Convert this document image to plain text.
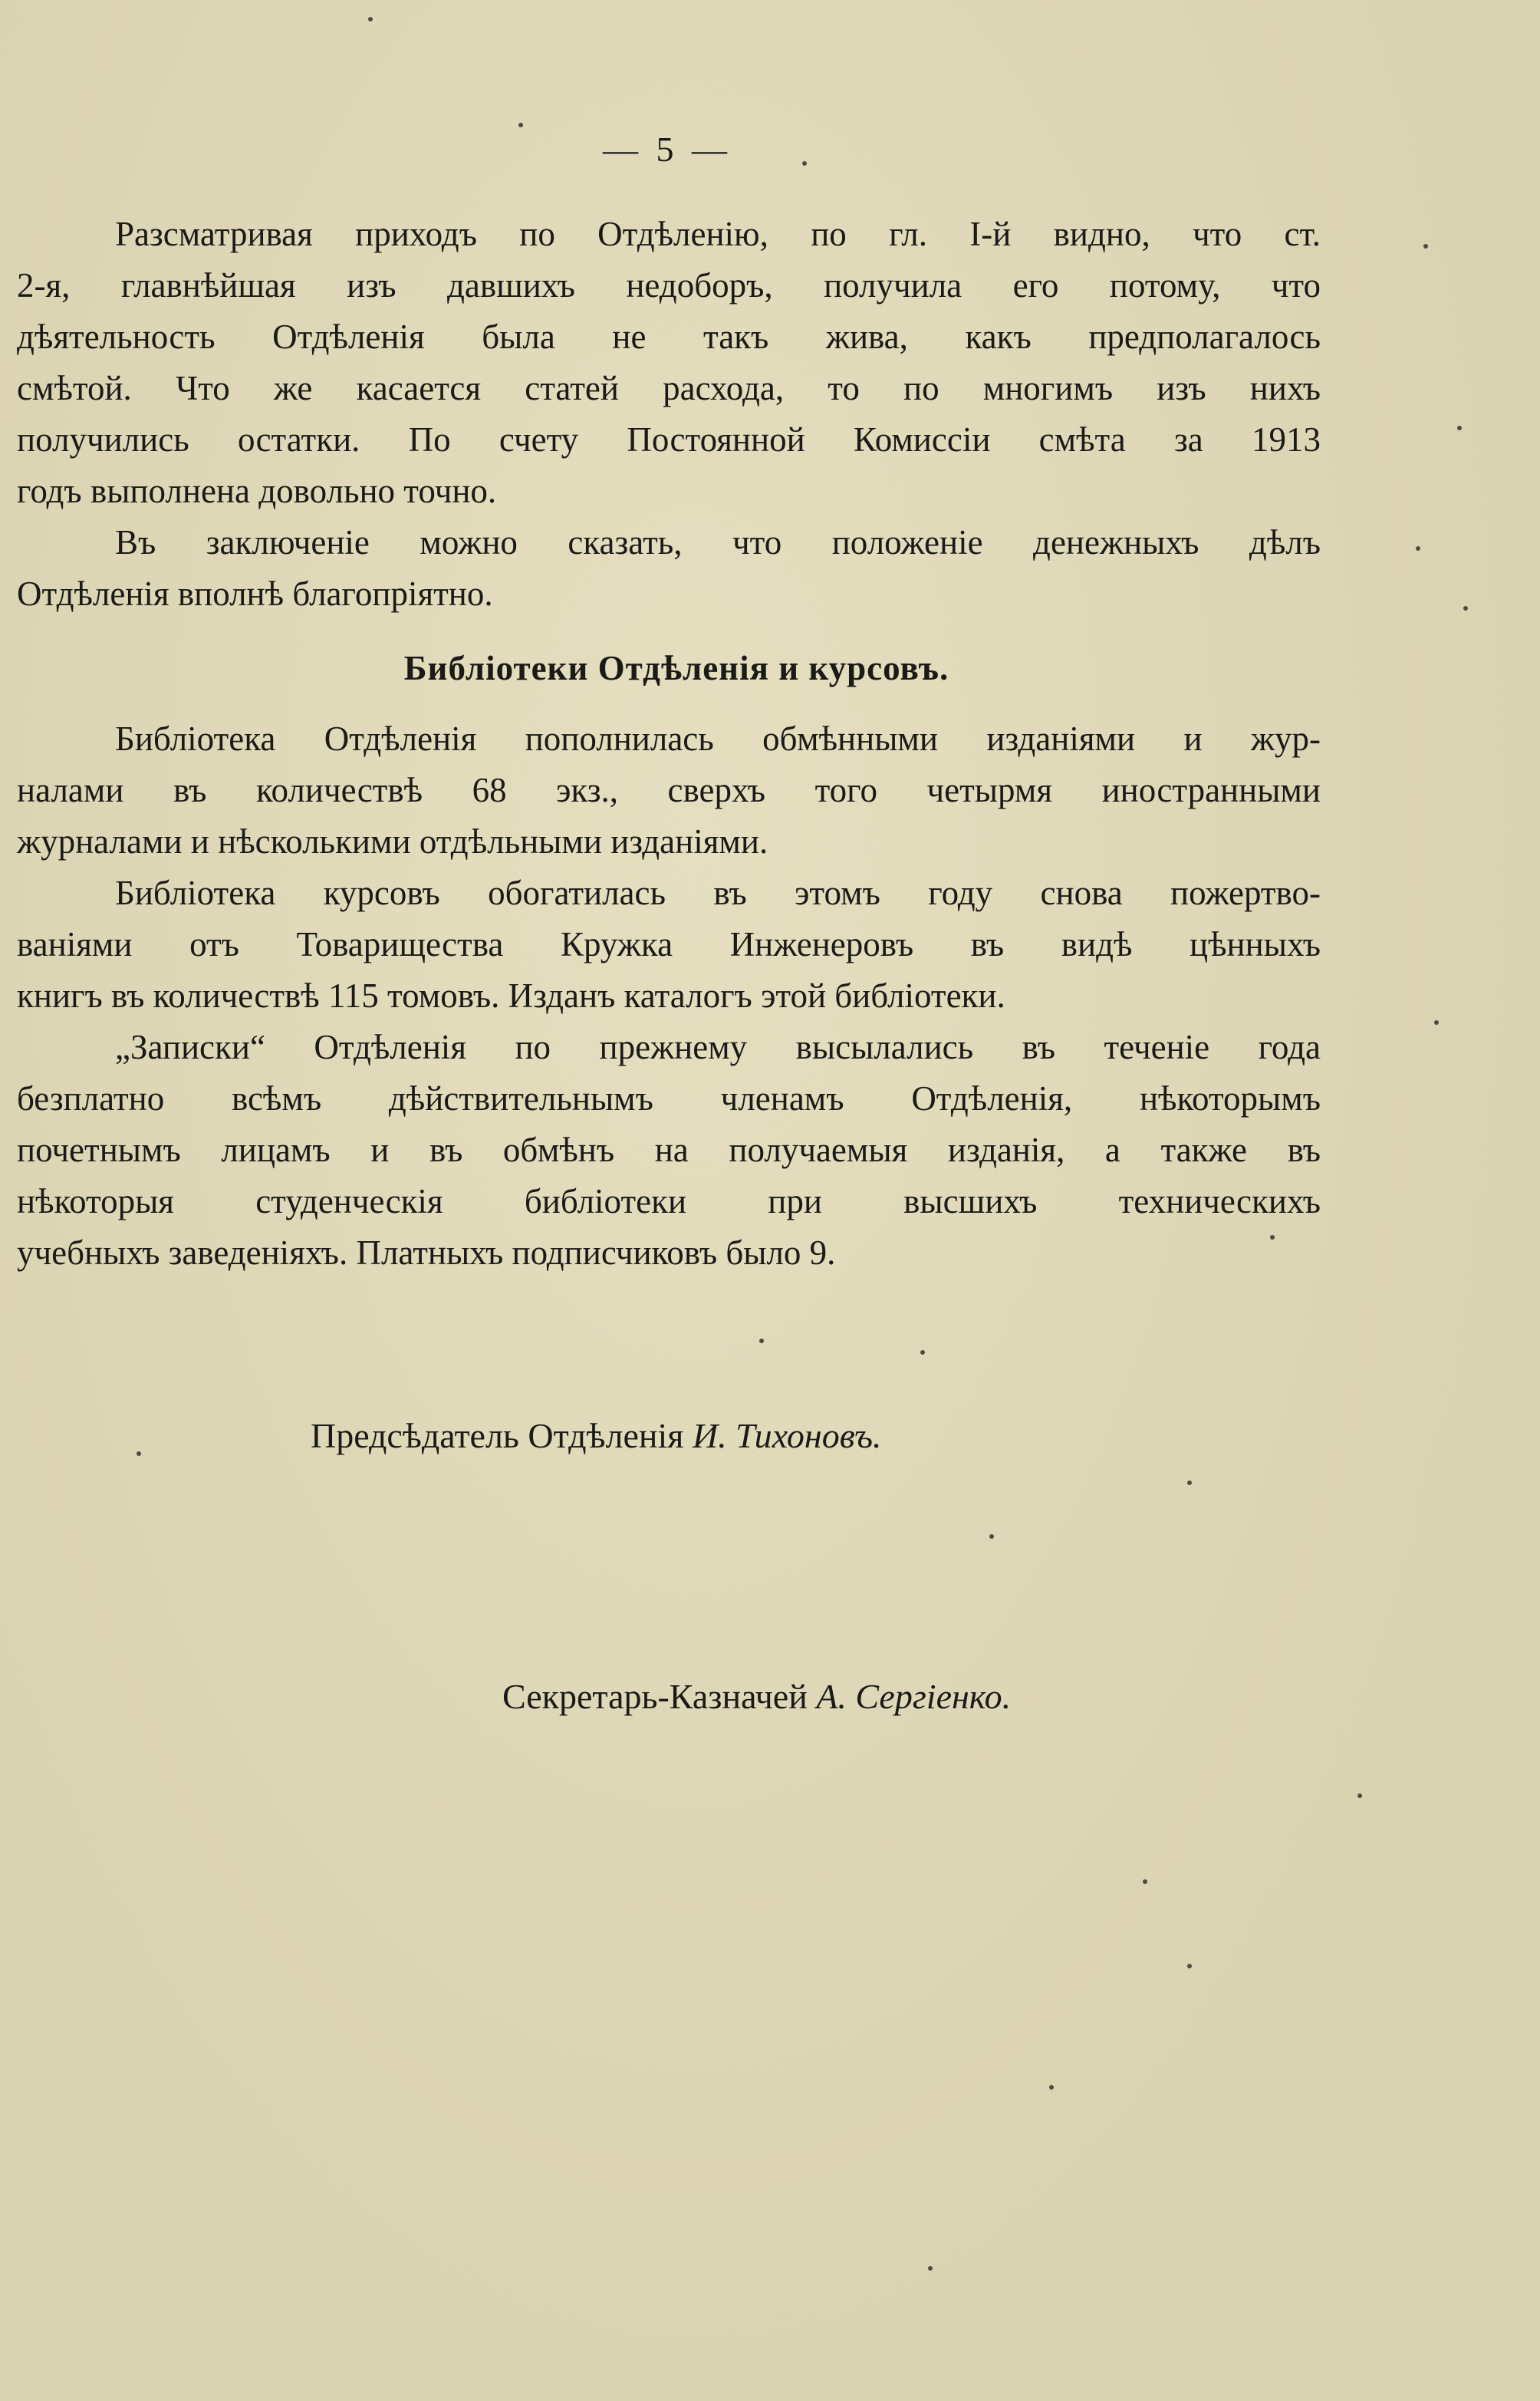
— 5 —

Разсматривая приходъ по Отдѣленію, по гл. І-й видно, что ст.
2-я, главнѣйшая изъ давшихъ недоборъ, получила его потому, что
дѣятельность Отдѣленія была не такъ жива, какъ предполагалось
смѣтой. Что же касается статей расхода, то по многимъ изъ нихъ
получились остатки. По счету Постоянной Комиссіи смѣта за 1913
годъ выполнена довольно точно.

Въ заключеніе можно сказать, что положеніе денежныхъ дѣлъ
Отдѣленія вполнѣ благопріятно.

Библіотеки Отдѣленія и курсовъ.

Библіотека Отдѣленія пополнилась обмѣнными изданіями и жур-
налами въ количествѣ 68 экз., сверхъ того четырмя иностранными
журналами и нѣсколькими отдѣльными изданіями.

Библіотека курсовъ обогатилась въ этомъ году снова пожертво-
ваніями отъ Товарищества Кружка Инженеровъ въ видѣ цѣнныхъ
книгъ въ количествѣ 115 томовъ. Изданъ каталогъ этой библіотеки.

„Записки“ Отдѣленія по прежнему высылались въ теченіе года
безплатно всѣмъ дѣйствительнымъ членамъ Отдѣленія, нѣкоторымъ
почетнымъ лицамъ и въ обмѣнъ на получаемыя изданія, а также въ
нѣкоторыя студенческія библіотеки при высшихъ техническихъ
учебныхъ заведеніяхъ. Платныхъ подписчиковъ было 9.

Предсѣдатель Отдѣленія И. Тихоновъ.
Секретарь-Казначей А. Сергіенко.
